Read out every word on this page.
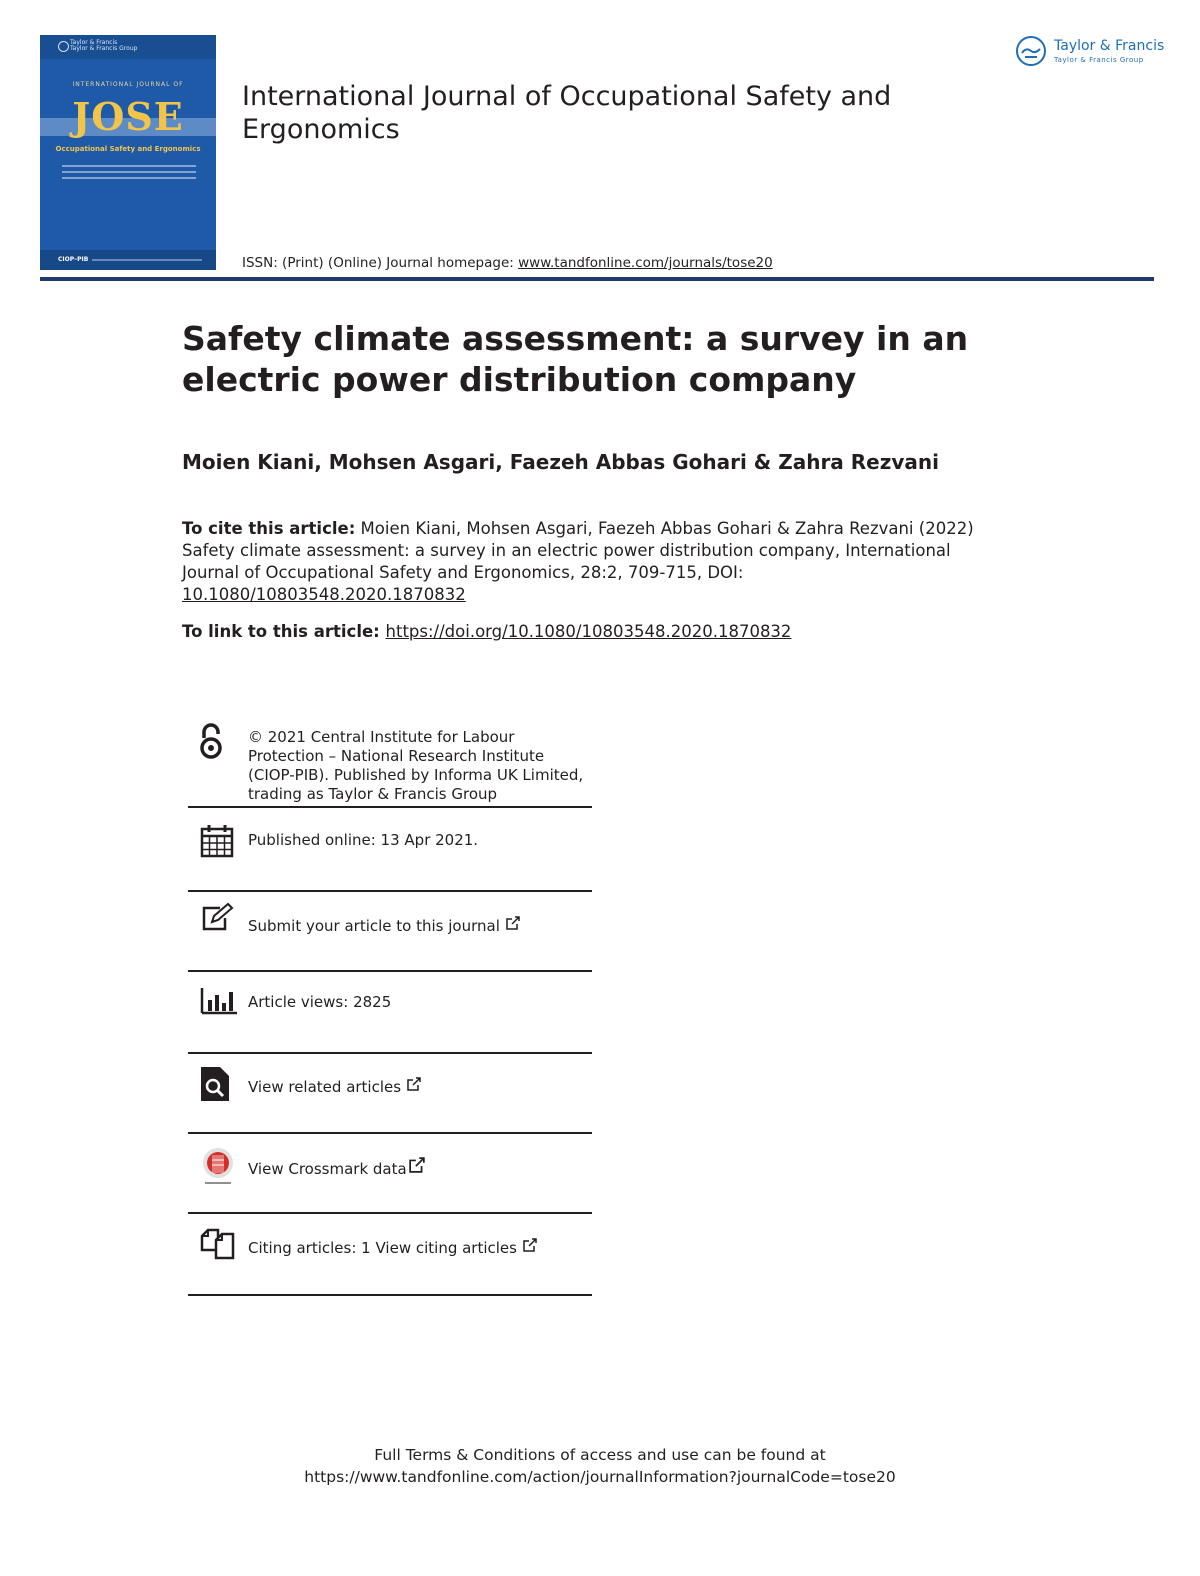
Taylor & Francis
Taylor & Francis Group
INTERNATIONAL JOURNAL OF
JOSE
Occupational Safety and Ergonomics
CIOP–PIB
International Journal of Occupational Safety and Ergonomics
ISSN: (Print) (Online) Journal homepage: www.tandfonline.com/journals/tose20
Taylor & Francis
Taylor & Francis Group
Safety climate assessment: a survey in an electric power distribution company
Moien Kiani, Mohsen Asgari, Faezeh Abbas Gohari & Zahra Rezvani
To cite this article: Moien Kiani, Mohsen Asgari, Faezeh Abbas Gohari & Zahra Rezvani (2022) Safety climate assessment: a survey in an electric power distribution company, International Journal of Occupational Safety and Ergonomics, 28:2, 709-715, DOI: 10.1080/10803548.2020.1870832
To link to this article: https://doi.org/10.1080/10803548.2020.1870832
© 2021 Central Institute for Labour Protection – National Research Institute (CIOP-PIB). Published by Informa UK Limited, trading as Taylor & Francis Group
Published online: 13 Apr 2021.
Submit your article to this journal
Article views: 2825
View related articles
View Crossmark data
Citing articles: 1 View citing articles
Full Terms & Conditions of access and use can be found at
https://www.tandfonline.com/action/journalInformation?journalCode=tose20
